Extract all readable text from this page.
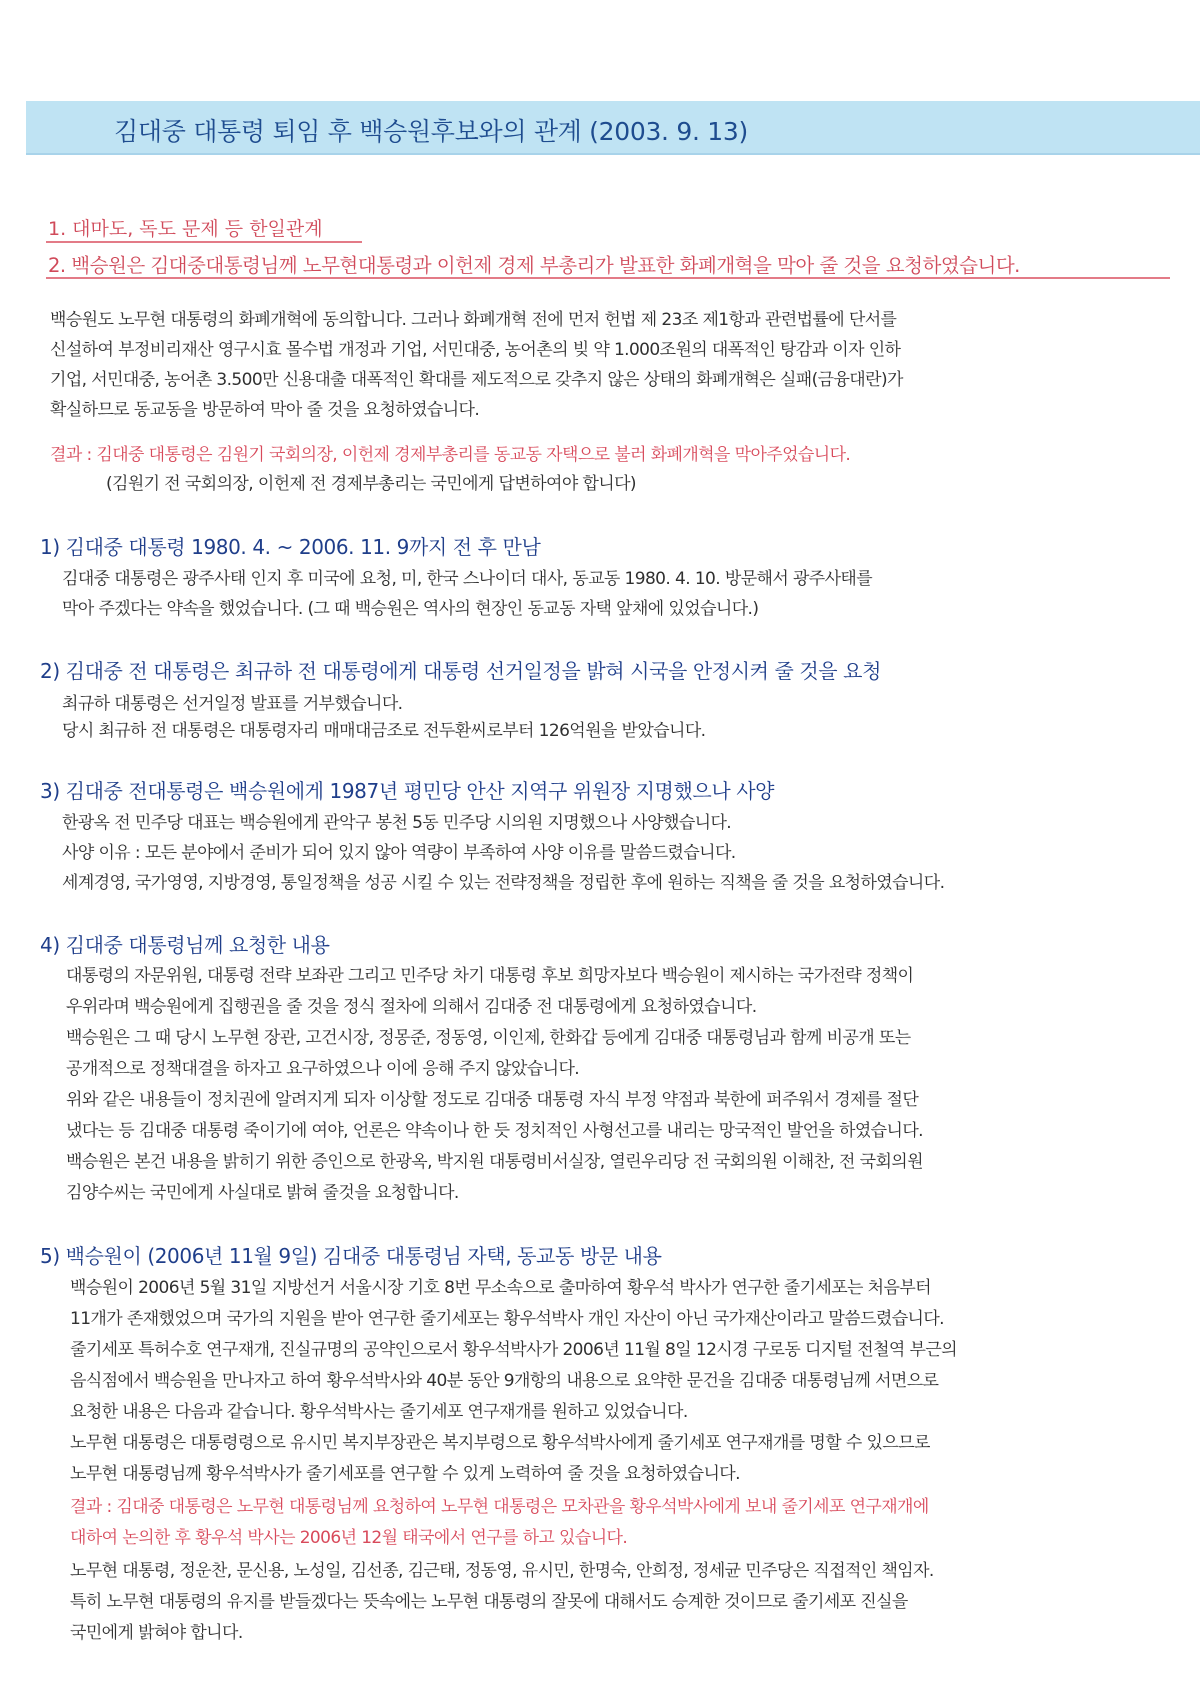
김대중 대통령 퇴임 후 백승원후보와의 관계 (2003. 9. 13)
1. 대마도, 독도 문제 등 한일관계
2. 백승원은 김대중대통령님께 노무현대통령과 이헌제 경제 부총리가 발표한 화폐개혁을 막아 줄 것을 요청하였습니다.
백승원도 노무현 대통령의 화폐개혁에 동의합니다. 그러나 화폐개혁 전에 먼저 헌법 제 23조 제1항과 관련법률에 단서를
신설하여 부정비리재산 영구시효 몰수법 개정과 기업, 서민대중, 농어촌의 빚 약 1.000조원의 대폭적인 탕감과 이자 인하
기업, 서민대중, 농어촌 3.500만 신용대출 대폭적인 확대를 제도적으로 갖추지 않은 상태의 화폐개혁은 실패(금융대란)가
확실하므로 동교동을 방문하여 막아 줄 것을 요청하였습니다.
결과 : 김대중 대통령은 김원기 국회의장, 이헌제 경제부총리를 동교동 자택으로 불러 화폐개혁을 막아주었습니다.
(김원기 전 국회의장, 이헌제 전 경제부총리는 국민에게 답변하여야 합니다)
1) 김대중 대통령 1980. 4. ~ 2006. 11. 9까지 전 후 만남
김대중 대통령은 광주사태 인지 후 미국에 요청, 미, 한국 스나이더 대사, 동교동 1980. 4. 10. 방문해서 광주사태를
막아 주겠다는 약속을 했었습니다. (그 때 백승원은 역사의 현장인 동교동 자택 앞채에 있었습니다.)
2) 김대중 전 대통령은 최규하 전 대통령에게 대통령 선거일정을 밝혀 시국을 안정시켜 줄 것을 요청
최규하 대통령은 선거일정 발표를 거부했습니다.
당시 최규하 전 대통령은 대통령자리 매매대금조로 전두환씨로부터 126억원을 받았습니다.
3) 김대중 전대통령은 백승원에게 1987년 평민당 안산 지역구 위원장 지명했으나 사양
한광옥 전 민주당 대표는 백승원에게 관악구 봉천 5동 민주당 시의원 지명했으나 사양했습니다.
사양 이유 : 모든 분야에서 준비가 되어 있지 않아 역량이 부족하여 사양 이유를 말씀드렸습니다.
세계경영, 국가영영, 지방경영, 통일정책을 성공 시킬 수 있는 전략정책을 정립한 후에 원하는 직책을 줄 것을 요청하였습니다.
4) 김대중 대통령님께 요청한 내용
대통령의 자문위원, 대통령 전략 보좌관 그리고 민주당 차기 대통령 후보 희망자보다 백승원이 제시하는 국가전략 정책이
우위라며 백승원에게 집행권을 줄 것을 정식 절차에 의해서 김대중 전 대통령에게 요청하였습니다.
백승원은 그 때 당시 노무현 장관, 고건시장, 정몽준, 정동영, 이인제, 한화갑 등에게 김대중 대통령님과 함께 비공개 또는
공개적으로 정책대결을 하자고 요구하였으나 이에 응해 주지 않았습니다.
위와 같은 내용들이 정치권에 알려지게 되자 이상할 정도로 김대중 대통령 자식 부정 약점과 북한에 퍼주워서 경제를 절단
냈다는 등 김대중 대통령 죽이기에 여야, 언론은 약속이나 한 듯 정치적인 사형선고를 내리는 망국적인 발언을 하였습니다.
백승원은 본건 내용을 밝히기 위한 증인으로 한광옥, 박지원 대통령비서실장, 열린우리당 전 국회의원 이해찬, 전 국회의원
김양수씨는 국민에게 사실대로 밝혀 줄것을 요청합니다.
5) 백승원이 (2006년 11월 9일) 김대중 대통령님 자택, 동교동 방문 내용
백승원이 2006년 5월 31일 지방선거 서울시장 기호 8번 무소속으로 출마하여 황우석 박사가 연구한 줄기세포는 처음부터
11개가 존재했었으며 국가의 지원을 받아 연구한 줄기세포는 황우석박사 개인 자산이 아닌 국가재산이라고 말씀드렸습니다.
줄기세포 특허수호 연구재개, 진실규명의 공약인으로서 황우석박사가 2006년 11월 8일 12시경 구로동 디지털 전철역 부근의
음식점에서 백승원을 만나자고 하여 황우석박사와 40분 동안 9개항의 내용으로 요약한 문건을 김대중 대통령님께 서면으로
요청한 내용은 다음과 같습니다. 황우석박사는 줄기세포 연구재개를 원하고 있었습니다.
노무현 대통령은 대통령령으로 유시민 복지부장관은 복지부령으로 황우석박사에게 줄기세포 연구재개를 명할 수 있으므로
노무현 대통령님께 황우석박사가 줄기세포를 연구할 수 있게 노력하여 줄 것을 요청하였습니다.
결과 : 김대중 대통령은 노무현 대통령님께 요청하여 노무현 대통령은 모차관을 황우석박사에게 보내 줄기세포 연구재개에
대하여 논의한 후 황우석 박사는 2006년 12월 태국에서 연구를 하고 있습니다.
노무현 대통령, 정운찬, 문신용, 노성일, 김선종, 김근태, 정동영, 유시민, 한명숙, 안희정, 정세균 민주당은 직접적인 책임자.
특히 노무현 대통령의 유지를 받들겠다는 뜻속에는 노무현 대통령의 잘못에 대해서도 승계한 것이므로 줄기세포 진실을
국민에게 밝혀야 합니다.
